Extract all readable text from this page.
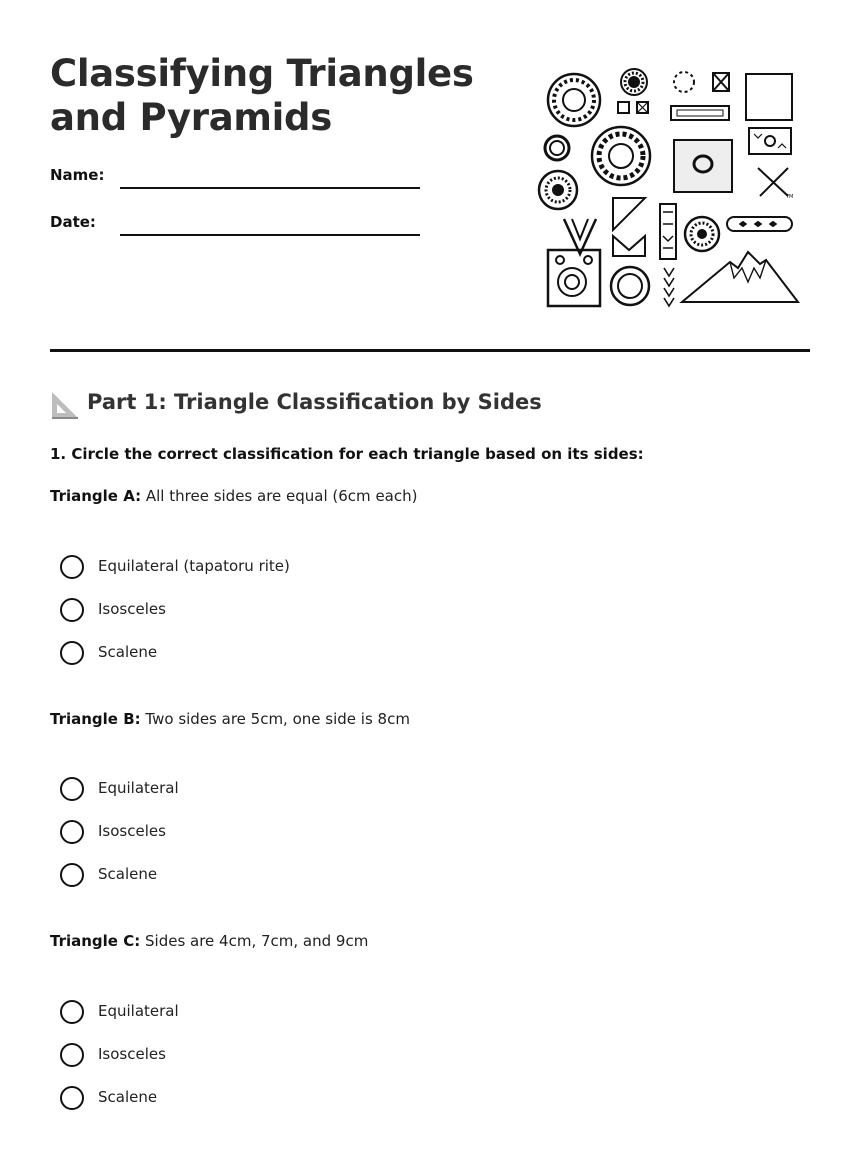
Classifying Triangles
and Pyramids
Name:
Date:
TM
Part 1: Triangle Classification by Sides
1. Circle the correct classification for each triangle based on its sides:
Triangle A: All three sides are equal (6cm each)
Equilateral (tapatoru rite)
Isosceles
Scalene
Triangle B: Two sides are 5cm, one side is 8cm
Equilateral
Isosceles
Scalene
Triangle C: Sides are 4cm, 7cm, and 9cm
Equilateral
Isosceles
Scalene
